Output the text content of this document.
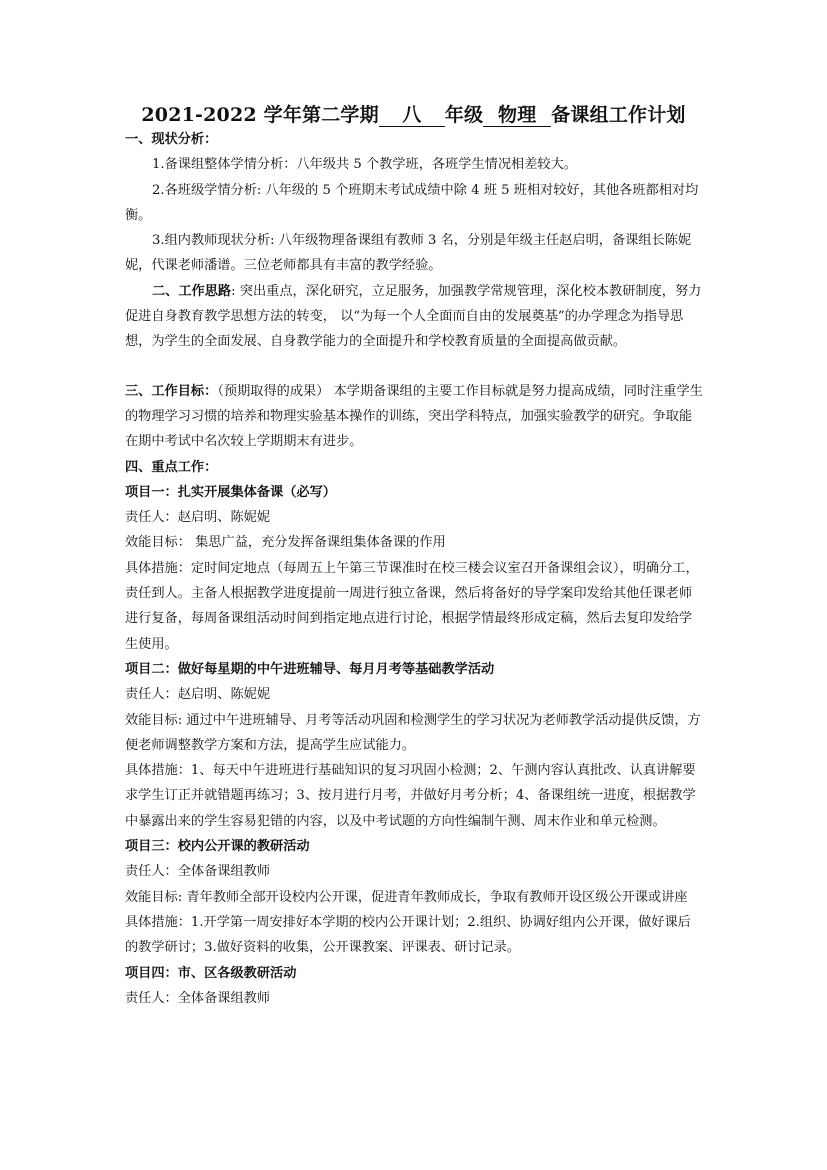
2021-2022 学年第二学期 八 年级 物理 备课组工作计划

一、现状分析：

1.备课组整体学情分析：八年级共 5 个教学班，各班学生情况相差较大。

2.各班级学情分析: 八年级的 5 个班期末考试成绩中除 4 班 5 班相对较好，其他各班都相对均衡。

3.组内教师现状分析: 八年级物理备课组有教师 3 名，分别是年级主任赵启明，备课组长陈妮妮，代课老师潘谱。三位老师都具有丰富的教学经验。

二、工作思路: 突出重点，深化研究，立足服务，加强教学常规管理，深化校本教研制度，努力促进自身教育教学思想方法的转变， 以“为每一个人全面而自由的发展奠基”的办学理念为指导思想，为学生的全面发展、自身教学能力的全面提升和学校教育质量的全面提高做贡献。

三、工作目标：（预期取得的成果） 本学期备课组的主要工作目标就是努力提高成绩，同时注重学生的物理学习习惯的培养和物理实验基本操作的训练，突出学科特点，加强实验教学的研究。争取能在期中考试中名次较上学期期末有进步。

四、重点工作：

项目一：扎实开展集体备课（必写）

责任人：赵启明、陈妮妮

效能目标： 集思广益，充分发挥备课组集体备课的作用

具体措施：定时间定地点（每周五上午第三节课准时在校三楼会议室召开备课组会议），明确分工，责任到人。主备人根据教学进度提前一周进行独立备课，然后将备好的导学案印发给其他任课老师进行复备，每周备课组活动时间到指定地点进行讨论，根据学情最终形成定稿，然后去复印发给学生使用。

项目二：做好每星期的中午进班辅导、每月月考等基础教学活动

责任人：赵启明、陈妮妮

效能目标: 通过中午进班辅导、月考等活动巩固和检测学生的学习状况为老师教学活动提供反馈，方便老师调整教学方案和方法，提高学生应试能力。

具体措施：1、每天中午进班进行基础知识的复习巩固小检测；2、午测内容认真批改、认真讲解要求学生订正并就错题再练习；3、按月进行月考，并做好月考分析；4、备课组统一进度，根据教学中暴露出来的学生容易犯错的内容，以及中考试题的方向性编制午测、周末作业和单元检测。

项目三：校内公开课的教研活动

责任人：全体备课组教师

效能目标: 青年教师全部开设校内公开课，促进青年教师成长，争取有教师开设区级公开课或讲座

具体措施：1.开学第一周安排好本学期的校内公开课计划；2.组织、协调好组内公开课，做好课后的教学研讨；3.做好资料的收集，公开课教案、评课表、研讨记录。

项目四：市、区各级教研活动

责任人：全体备课组教师
